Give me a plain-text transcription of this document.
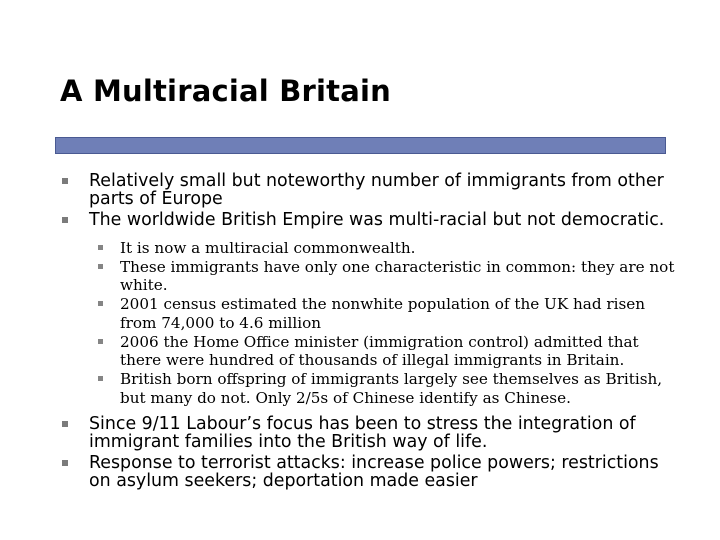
A Multiracial Britain
Relatively small but noteworthy number of immigrants from other parts of Europe
The worldwide British Empire was multi-racial but not democratic.
It is now a multiracial commonwealth.
These immigrants have only one characteristic in common: they are not white.
2001 census estimated the nonwhite population of the UK had risen from 74,000 to 4.6 million
2006 the Home Office minister (immigration control) admitted that there were hundred of thousands of illegal immigrants in Britain.
British born offspring of immigrants largely see themselves as British, but many do not. Only 2/5s of Chinese identify as Chinese.
Since 9/11 Labour’s focus has been to stress the integration of immigrant families into the British way of life.
Response to terrorist attacks: increase police powers; restrictions on asylum seekers; deportation made easier
